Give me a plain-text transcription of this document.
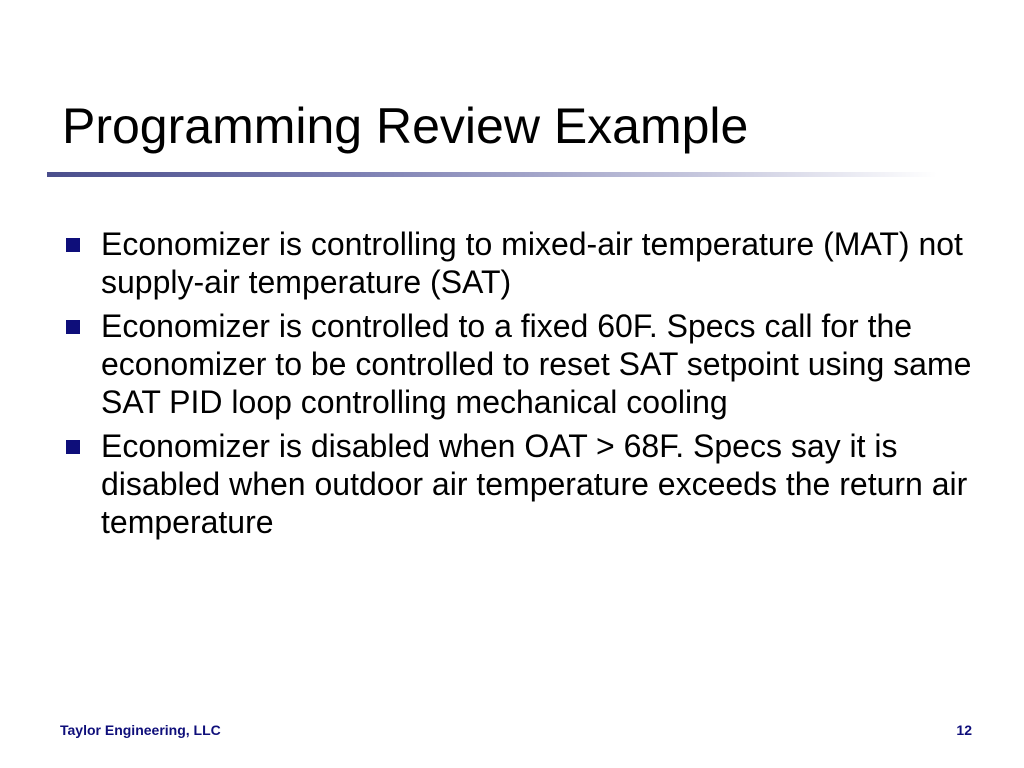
Programming Review Example
Economizer is controlling to mixed-air temperature (MAT) not supply-air temperature (SAT)
Economizer is controlled to a fixed 60F. Specs call for the economizer to be controlled to reset SAT setpoint using same SAT PID loop controlling mechanical cooling
Economizer is disabled when OAT > 68F. Specs say it is disabled when outdoor air temperature exceeds the return air temperature
Taylor Engineering, LLC	12
